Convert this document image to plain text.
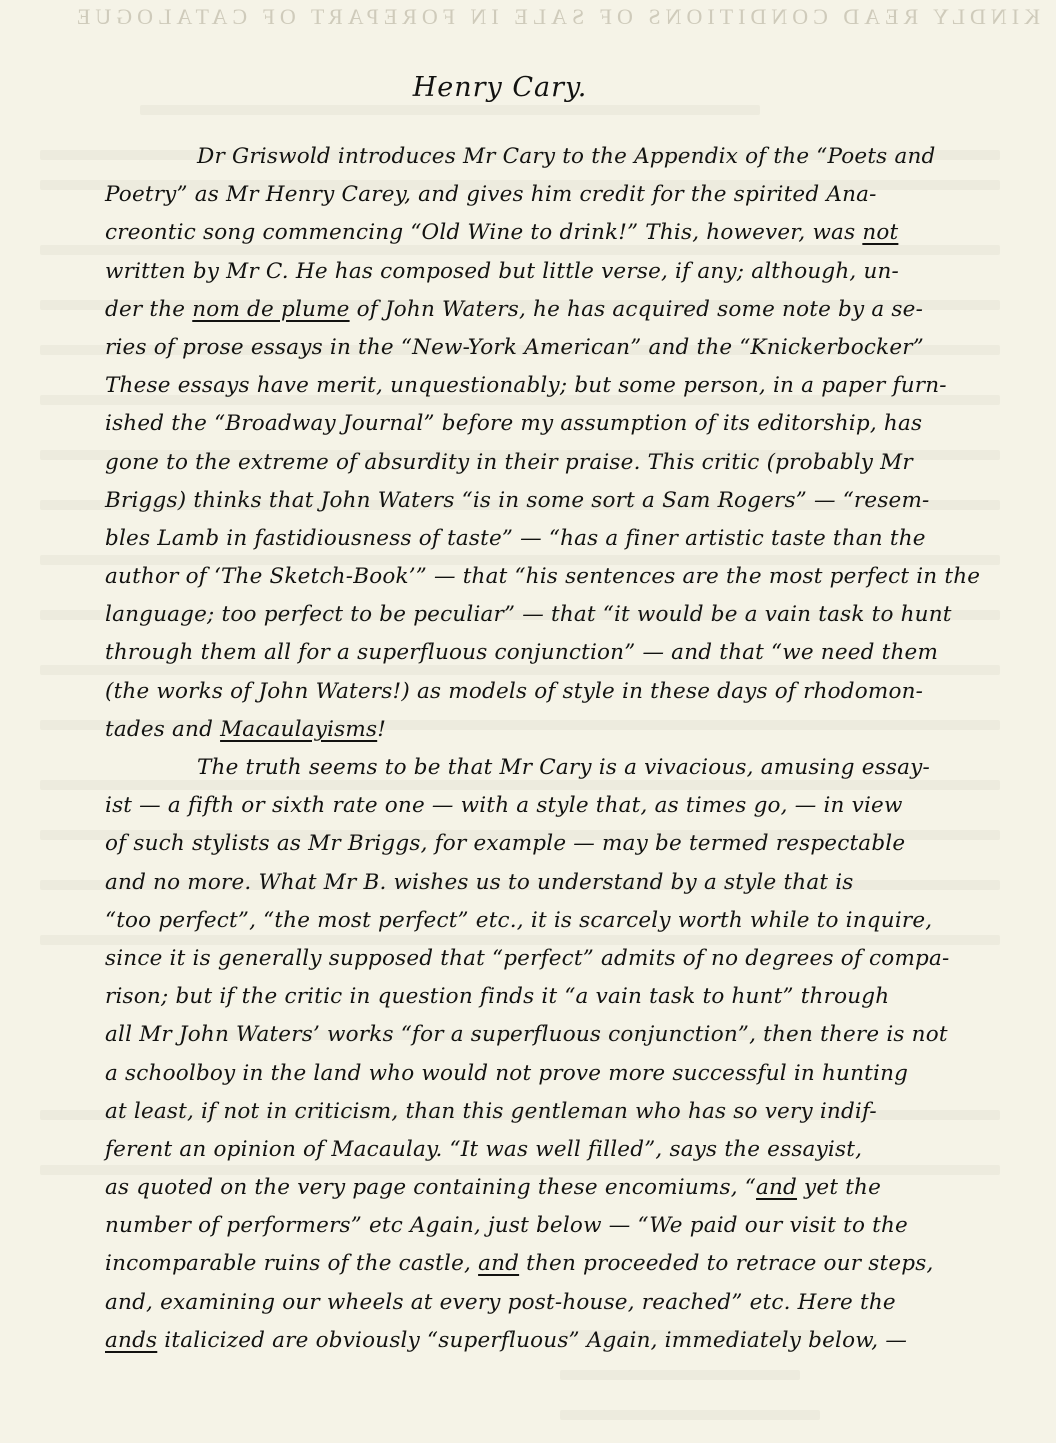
KINDLY READ CONDITIONS OF SALE IN FOREPART OF CATALOGUE
Henry Cary.
Dr Griswold introduces Mr Cary to the Appendix of the “Poets and
Poetry” as Mr Henry Carey, and gives him credit for the spirited Ana-
creontic song commencing “Old Wine to drink!” This, however, was not
written by Mr C. He has composed but little verse, if any; although, un-
der the nom de plume of John Waters, he has acquired some note by a se-
ries of prose essays in the “New-York American” and the “Knickerbocker”
These essays have merit, unquestionably; but some person, in a paper furn-
ished the “Broadway Journal” before my assumption of its editorship, has
gone to the extreme of absurdity in their praise. This critic (probably Mr
Briggs) thinks that John Waters “is in some sort a Sam Rogers” — “resem-
bles Lamb in fastidiousness of taste” — “has a finer artistic taste than the
author of ‘The Sketch-Book’” — that “his sentences are the most perfect in the
language; too perfect to be peculiar” — that “it would be a vain task to hunt
through them all for a superfluous conjunction” — and that “we need them
(the works of John Waters!) as models of style in these days of rhodomon-
tades and Macaulayisms!
The truth seems to be that Mr Cary is a vivacious, amusing essay-
ist — a fifth or sixth rate one — with a style that, as times go, — in view
of such stylists as Mr Briggs, for example — may be termed respectable
and no more. What Mr B. wishes us to understand by a style that is
“too perfect”, “the most perfect” etc., it is scarcely worth while to inquire,
since it is generally supposed that “perfect” admits of no degrees of compa-
rison; but if the critic in question finds it “a vain task to hunt” through
all Mr John Waters’ works “for a superfluous conjunction”, then there is not
a schoolboy in the land who would not prove more successful in hunting
at least, if not in criticism, than this gentleman who has so very indif-
ferent an opinion of Macaulay. “It was well filled”, says the essayist,
as quoted on the very page containing these encomiums, “and yet the
number of performers” etc Again, just below — “We paid our visit to the
incomparable ruins of the castle, and then proceeded to retrace our steps,
and, examining our wheels at every post-house, reached” etc. Here the
ands italicized are obviously “superfluous” Again, immediately below, —
